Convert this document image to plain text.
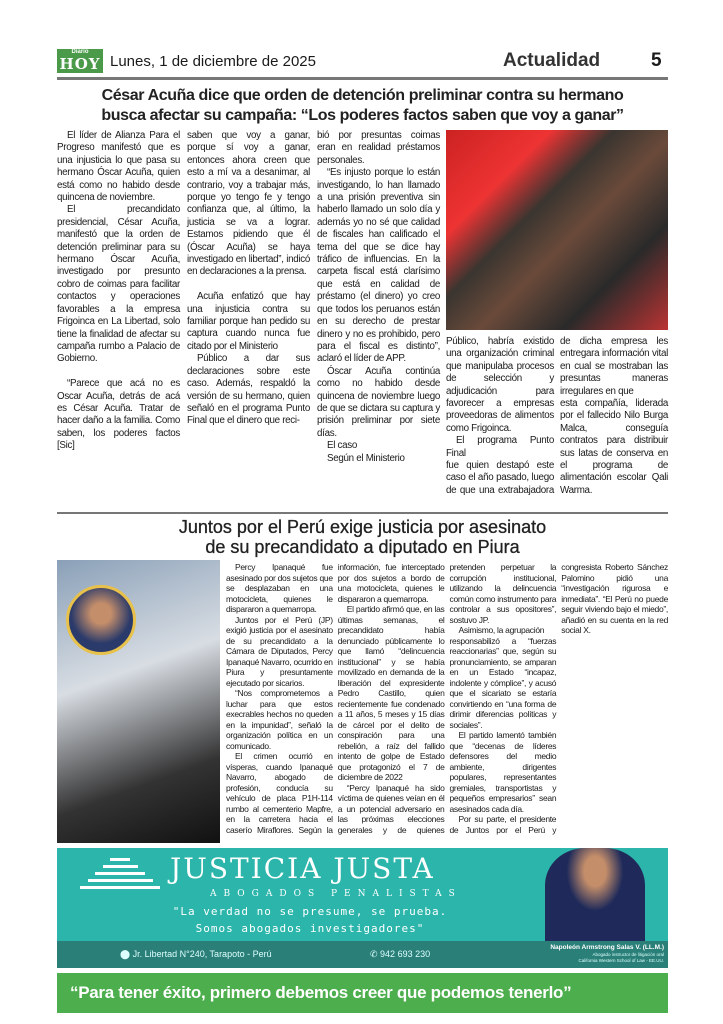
Diario
HOY Lunes, 1 de diciembre de 2025	Actualidad	5
César Acuña dice que orden de detención preliminar contra su hermano
busca afectar su campaña: “Los poderes factos saben que voy a ganar”

El líder de Alianza Para el Progreso manifestó que es una injusticia lo que pasa su hermano Óscar Acuña, quien está como no habido desde quincena de noviembre.

El precandidato presidencial, César Acuña, manifestó que la orden de detención preliminar para su hermano Óscar Acuña, investigado por presunto cobro de coimas para facilitar contactos y operaciones favorables a la empresa Frigoinca en La Libertad, solo tiene la finalidad de afectar su campaña rumbo a Palacio de Gobierno.

“Parece que acá no es Oscar Acuña, detrás de acá es César Acuña. Tratar de hacer daño a la familia. Como saben, los poderes factos [Sic]

saben que voy a ganar, porque sí voy a ganar, entonces ahora creen que esto a mí va a desanimar, al contrario, voy a trabajar más, porque yo tengo fe y tengo confianza que, al último, la justicia se va a lograr. Estamos pidiendo que él (Óscar Acuña) se haya investigado en libertad”, indicó en declaraciones a la prensa.

Acuña enfatizó que hay una injusticia contra su familiar porque han pedido su captura cuando nunca fue citado por el Ministerio

Público a dar sus declaraciones sobre este caso. Además, respaldó la versión de su hermano, quien señaló en el programa Punto Final que el dinero que reci-

bió por presuntas coimas eran en realidad préstamos personales.

“Es injusto porque lo están investigando, lo han llamado a una prisión preventiva sin haberlo llamado un solo día y además yo no sé que calidad de fiscales han calificado el tema del que se dice hay tráfico de influencias. En la carpeta fiscal está clarísimo que está en calidad de préstamo (el dinero) yo creo que todos los peruanos están en su derecho de prestar dinero y no es prohibido, pero para el fiscal es distinto”, aclaró el líder de APP.

Óscar Acuña continúa como no habido desde quincena de noviembre luego de que se dictara su captura y prisión preliminar por siete días.

El caso

Según el Ministerio

Público, habría existido una organización criminal que manipulaba procesos de selección y adjudicación para favorecer a empresas proveedoras de alimentos como Frigoinca.

El programa Punto Final

fue quien destapó este caso el año pasado, luego de que una extrabajadora de dicha empresa les entregara información vital en cual se mostraban las presuntas maneras irregulares en que

esta compañía, liderada por el fallecido Nilo Burga Malca, conseguía contratos para distribuir sus latas de conserva en el programa de alimentación escolar Qali Warma.

Juntos por el Perú exige justicia por asesinato
de su precandidato a diputado en Piura

Percy Ipanaqué fue asesinado por dos sujetos que se desplazaban en una motocicleta, quienes le dispararon a quemarropa.

Juntos por el Perú (JP) exigió justicia por el asesinato de su precandidato a la Cámara de Diputados, Percy Ipanaqué Navarro, ocurrido en Piura y presuntamente ejecutado por sicarios.

“Nos comprometemos a luchar para que estos execrables hechos no queden en la impunidad”, señaló la organización política en un comunicado.

El crimen ocurrió en vísperas, cuando Ipanaqué Navarro, abogado de profesión, conducía su vehículo de placa P1H-114 rumbo al cementerio Mapfre, en la carretera hacia el caserío Miraflores. Según la información, fue interceptado por dos sujetos a bordo de una motocicleta, quienes le dispararon a quemarropa.

El partido afirmó que, en las últimas semanas, el precandidato había denunciado públicamente lo que llamó “delincuencia institucional” y se había movilizado en demanda de la liberación del expresidente Pedro Castillo, quien recientemente fue condenado a 11 años, 5 meses y 15 días de cárcel por el delito de conspiración para una rebelión, a raíz del fallido intento de golpe de Estado que protagonizó el 7 de diciembre de 2022

“Percy Ipanaqué ha sido víctima de quienes veían en él a un potencial adversario en las próximas elecciones generales y de quienes pretenden perpetuar la corrupción institucional, utilizando la delincuencia común como instrumento para controlar a sus opositores”, sostuvo JP.

Asimismo, la agrupación

responsabilizó a “fuerzas reaccionarias” que, según su pronunciamiento, se amparan en un Estado “incapaz, indolente y cómplice”, y acusó que el sicariato se estaría convirtiendo en “una forma de dirimir diferencias políticas y sociales”.

El partido lamentó también que “decenas de líderes defensores del medio ambiente, dirigentes populares, representantes gremiales, transportistas y pequeños empresarios” sean asesinados cada día.

Por su parte, el presidente de Juntos por el Perú y congresista Roberto Sánchez Palomino pidió una “investigación rigurosa e inmediata”. “El Perú no puede seguir viviendo bajo el miedo”, añadió en su cuenta en la red social X.

JUSTICIA JUSTA
ABOGADOS PENALISTAS
"La verdad no se presume, se prueba.
Somos abogados investigadores"
⬤ Jr. Libertad N°240, Tarapoto - Perú	✆ 942 693 230
Napoleón Armstrong Salas V. (LL.M.)
Abogado instructor de litigación oral
California Western School of Law - EE.UU.
“Para tener éxito, primero debemos creer que podemos tenerlo”
